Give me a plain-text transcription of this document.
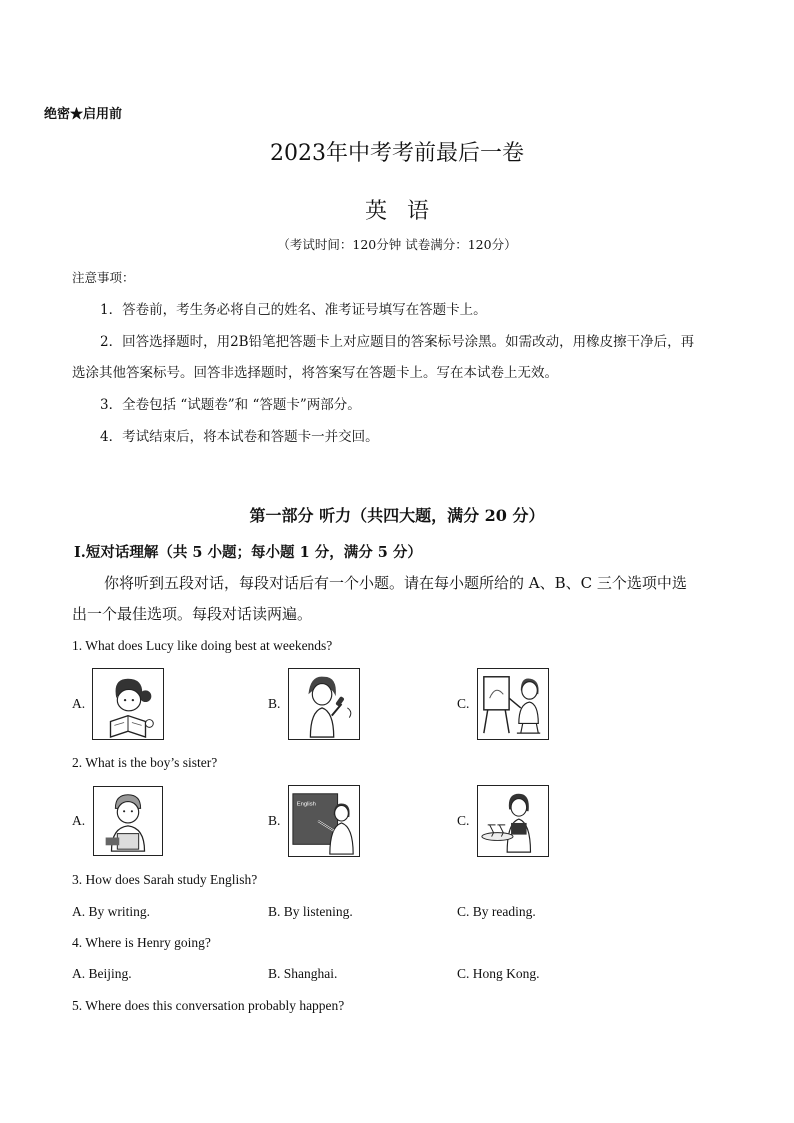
绝密★启用前
2023年中考考前最后一卷
英语
（考试时间：120分钟 试卷满分：120分）
注意事项：
1．答卷前，考生务必将自己的姓名、准考证号填写在答题卡上。
2．回答选择题时，用2B铅笔把答题卡上对应题目的答案标号涂黑。如需改动，用橡皮擦干净后，再
选涂其他答案标号。回答非选择题时，将答案写在答题卡上。写在本试卷上无效。
3．全卷包括 “试题卷”和 “答题卡”两部分。
4．考试结束后，将本试卷和答题卡一并交回。
第一部分 听力（共四大题，满分 20 分）
Ⅰ.短对话理解（共 5 小题；每小题 1 分，满分 5 分）
你将听到五段对话，每段对话后有一个小题。请在每小题所给的 A、B、C 三个选项中选
出一个最佳选项。每段对话读两遍。
1. What does Lucy like doing best at weekends?
A.	B.	C.
2. What is the boy’s sister?
A.	B.
English
C.
3. How does Sarah study English?
A. By writing.	B. By listening.	C. By reading.
4. Where is Henry going?
A. Beijing.	B. Shanghai.	C. Hong Kong.
5. Where does this conversation probably happen?
